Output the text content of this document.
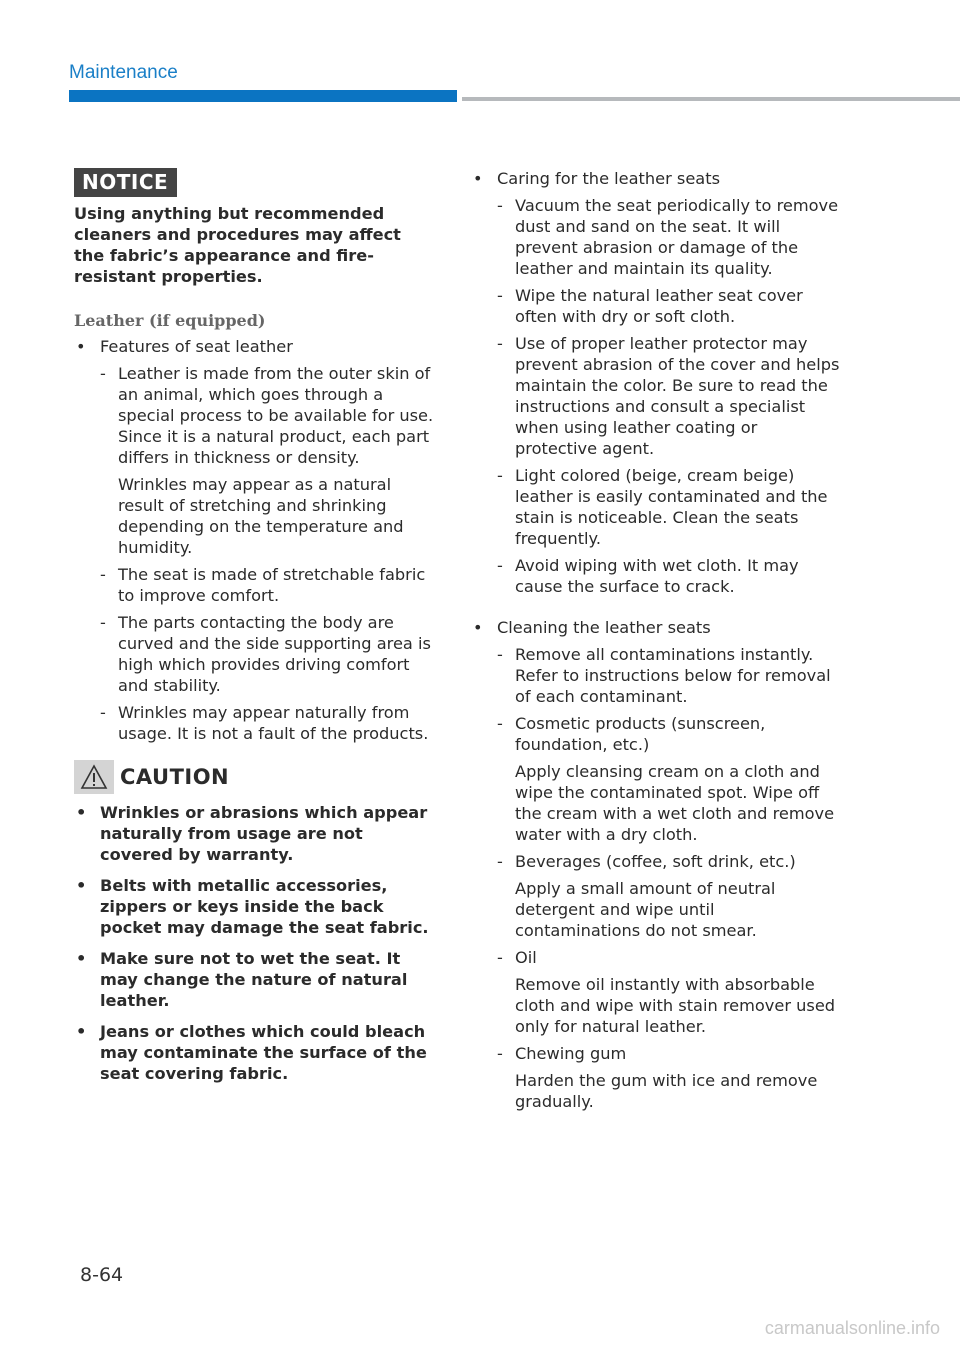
Maintenance
NOTICE
Using anything but recommended cleaners and procedures may affect the fabric’s appearance and fire-resistant properties.
Leather (if equipped)
• Features of seat leather
- Leather is made from the outer skin of an animal, which goes through a special process to be available for use. Since it is a natural product, each part differs in thickness or density.
Wrinkles may appear as a natural result of stretching and shrinking depending on the temperature and humidity.
- The seat is made of stretchable fabric to improve comfort.
- The parts contacting the body are curved and the side supporting area is high which provides driving comfort and stability.
- Wrinkles may appear naturally from usage. It is not a fault of the products.
CAUTION
• Wrinkles or abrasions which appear naturally from usage are not covered by warranty.
• Belts with metallic accessories, zippers or keys inside the back pocket may damage the seat fabric.
• Make sure not to wet the seat. It may change the nature of natural leather.
• Jeans or clothes which could bleach may contaminate the surface of the seat covering fabric.
• Caring for the leather seats
- Vacuum the seat periodically to remove dust and sand on the seat. It will prevent abrasion or damage of the leather and maintain its quality.
- Wipe the natural leather seat cover often with dry or soft cloth.
- Use of proper leather protector may prevent abrasion of the cover and helps maintain the color. Be sure to read the instructions and consult a specialist when using leather coating or protective agent.
- Light colored (beige, cream beige) leather is easily contaminated and the stain is noticeable. Clean the seats frequently.
- Avoid wiping with wet cloth. It may cause the surface to crack.
• Cleaning the leather seats
- Remove all contaminations instantly. Refer to instructions below for removal of each contaminant.
- Cosmetic products (sunscreen, foundation, etc.)
Apply cleansing cream on a cloth and wipe the contaminated spot. Wipe off the cream with a wet cloth and remove water with a dry cloth.
- Beverages (coffee, soft drink, etc.)
Apply a small amount of neutral detergent and wipe until contaminations do not smear.
- Oil
Remove oil instantly with absorbable cloth and wipe with stain remover used only for natural leather.
- Chewing gum
Harden the gum with ice and remove gradually.
8-64
carmanualsonline.info
